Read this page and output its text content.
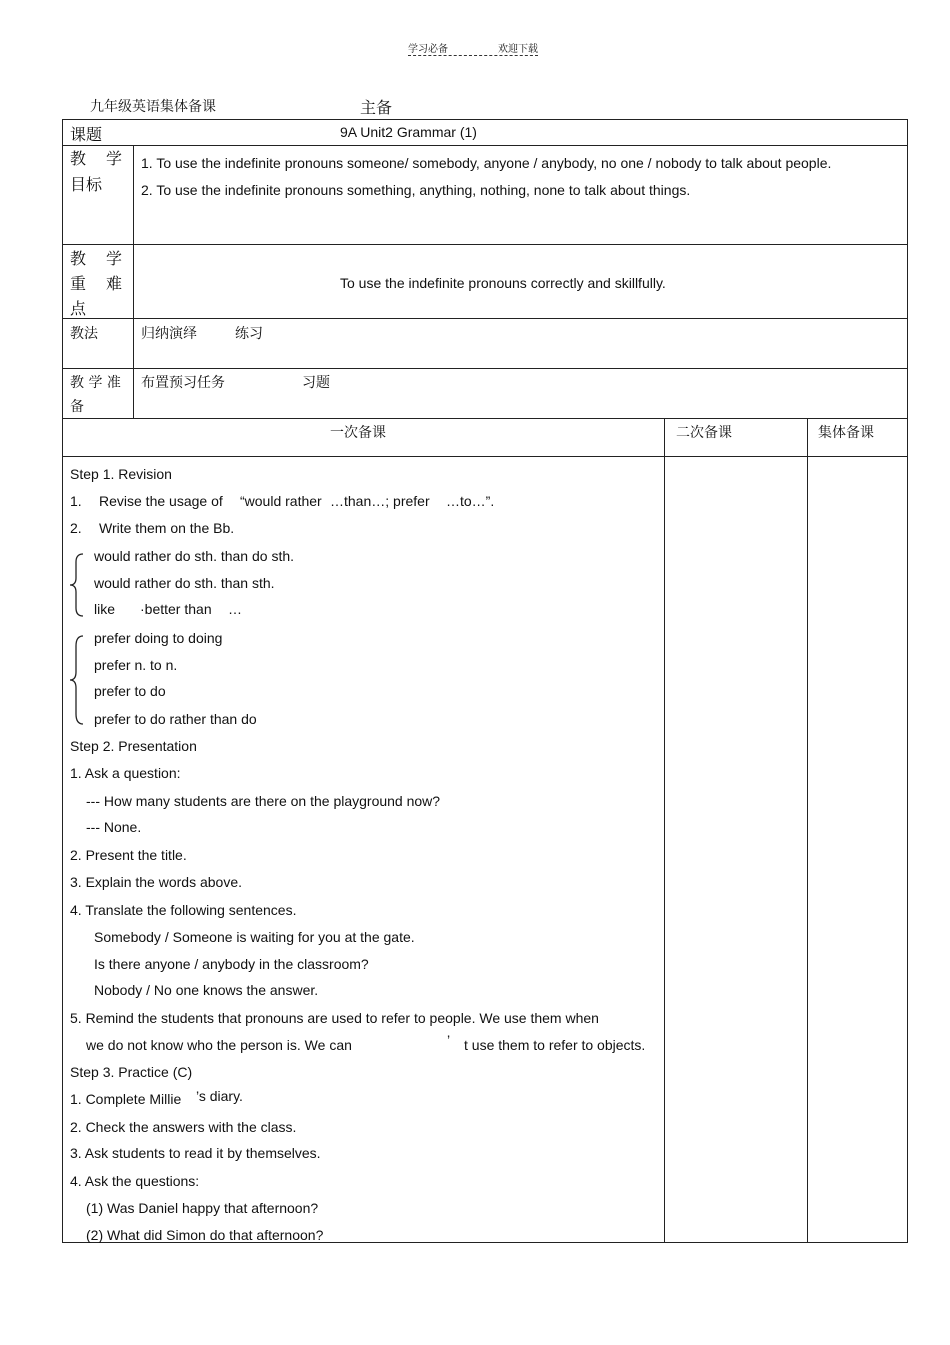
学习必备	欢迎下载
九年级英语集体备课	主备
课题	9A Unit2 Grammar (1)
教　学
目标
1. To use the indefinite pronouns someone/ somebody, anyone / anybody, no one / nobody to talk about people.
2. To use the indefinite pronouns something, anything, nothing, none to talk about things.
教　学
重　难
点
To use the indefinite pronouns correctly and skillfully.
教法	归纳演绎	练习
教 学 准
备
布置预习任务	习题
一次备课	二次备课	集体备课
Step 1. Revision
1. Revise the usage of “would rather …than…; prefer …to…”.
2. Write them on the Bb.
would rather do sth. than do sth.
would rather do sth. than sth.
like ·better than …
prefer doing to doing
prefer n. to n.
prefer to do
prefer to do rather than do
Step 2. Presentation
1. Ask a question:
--- How many students are there on the playground now?
--- None.
2. Present the title.
3. Explain the words above.
4. Translate the following sentences.
Somebody / Someone is waiting for you at the gate.
Is there anyone / anybody in the classroom?
Nobody / No one knows the answer.
5. Remind the students that pronouns are used to refer to people. We use them when
we do not know who the person is. We can	’ t use them to refer to objects.
Step 3. Practice (C)
1. Complete Millie ’s diary.
2. Check the answers with the class.
3. Ask students to read it by themselves.
4. Ask the questions:
(1) Was Daniel happy that afternoon?
(2) What did Simon do that afternoon?
